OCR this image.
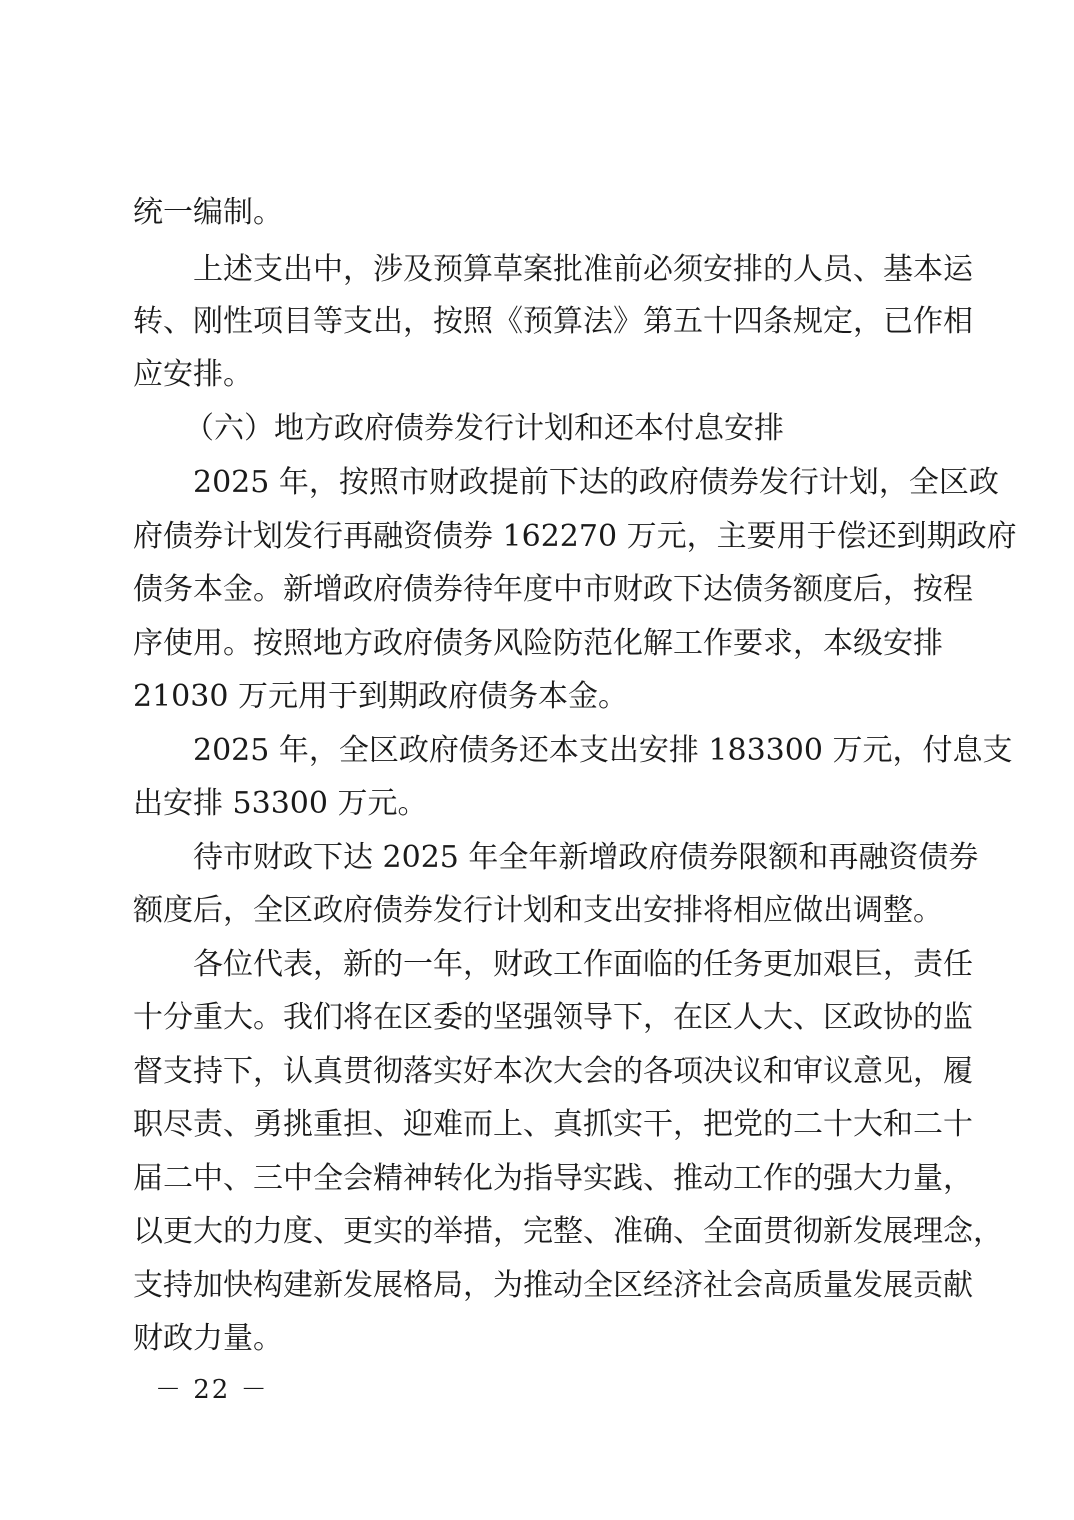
统一编制。
上述支出中，涉及预算草案批准前必须安排的人员、基本运
转、刚性项目等支出，按照《预算法》第五十四条规定，已作相
应安排。
（六）地方政府债券发行计划和还本付息安排
2025 年，按照市财政提前下达的政府债券发行计划，全区政
府债券计划发行再融资债券 162270 万元，主要用于偿还到期政府
债务本金。新增政府债券待年度中市财政下达债务额度后，按程
序使用。按照地方政府债务风险防范化解工作要求，本级安排
21030 万元用于到期政府债务本金。
2025 年，全区政府债务还本支出安排 183300 万元，付息支
出安排 53300 万元。
待市财政下达 2025 年全年新增政府债券限额和再融资债券
额度后，全区政府债券发行计划和支出安排将相应做出调整。
各位代表，新的一年，财政工作面临的任务更加艰巨，责任
十分重大。我们将在区委的坚强领导下，在区人大、区政协的监
督支持下，认真贯彻落实好本次大会的各项决议和审议意见，履
职尽责、勇挑重担、迎难而上、真抓实干，把党的二十大和二十
届二中、三中全会精神转化为指导实践、推动工作的强大力量，
以更大的力度、更实的举措，完整、准确、全面贯彻新发展理念，
支持加快构建新发展格局，为推动全区经济社会高质量发展贡献
财政力量。
－ 22 －
